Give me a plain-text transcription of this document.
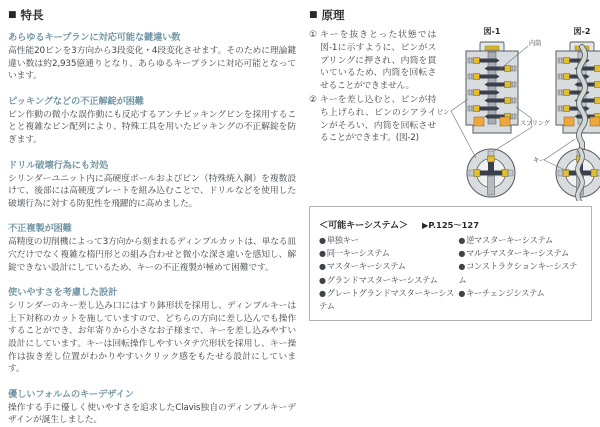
■ 特長
あらゆるキープランに対応可能な鍵違い数

高性能20ピンを3方向から3段変化・4段変化させます。そのために理論鍵違い数は約2,935億通りとなり、あらゆるキープランに対応可能となっています。

ピッキングなどの不正解錠が困難

ピン作動の微小な誤作動にも反応するアンチピッキングピンを採用することと複雑なピン配列により、特殊工具を用いたピッキングの不正解錠を防ぎます。

ドリル破壊行為にも対処

シリンダーユニット内に高硬度ボールおよびピン（特殊焼入鋼）を複数設けて、後部には高硬度プレートを組み込むことで、ドリルなどを使用した破壊行為に対する防犯性を飛躍的に高めました。

不正複製が困難

高精度の切削機によって3方向から刻まれるディンプルカットは、単なる皿穴だけでなく複雑な楕円形との組み合わせと微小な深さ違いを感知し、解錠できない設計にしているため、キーの不正複製が極めて困難です。

使いやすさを考慮した設計

シリンダーのキー差し込み口にはすり鉢形状を採用し、ディンプルキーは上下対称のカットを施していますので、どちらの方向に差し込んでも操作することができ、お年寄りから小さなお子様まで、キーを差し込みやすい設計にしています。キーは回転操作しやすいタテ穴形状を採用し、キー操作は抜き差し位置がわかりやすいクリック感をもたせる設計にしています。

優しいフォルムのキーデザイン

操作する手に優しく使いやすさを追求したClavis独自のディンプルキーデザインが誕生しました。

■ 原理

① キーを抜きとった状態では図-1に示すように、ピンがスプリングに押され、内筒を貫いているため、内筒を回転させることができません。

② キーを差し込むと、ピンが持ち上げられ、ピンのシアラインがそろい、内筒を回転させることができます。(図-2)

図-1	図-2
内筒
ピン
スプリング
キー
＜可能キーシステム＞ ▶P.125～127
●単独キー
●同一キーシステム
●マスターキーシステム
●グランドマスターキーシステム
●グレートグランドマスターキーシステム
●逆マスターキーシステム
●マルチマスターキーシステム
●コンストラクションキーシステム
●キーチェンジシステム
